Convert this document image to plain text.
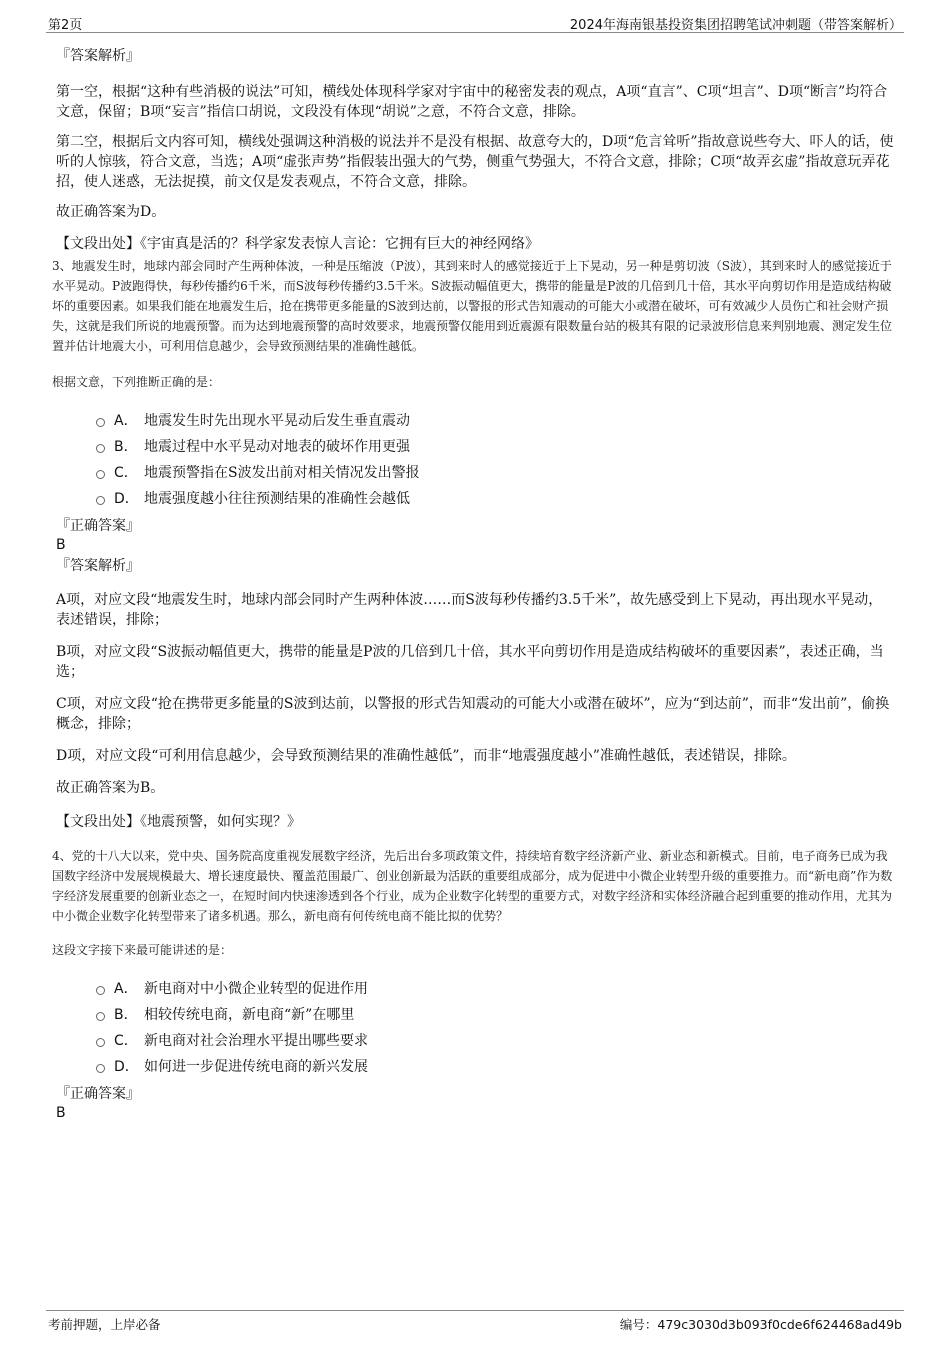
第2页	2024年海南银基投资集团招聘笔试冲刺题（带答案解析）

『答案解析』

第一空，根据“这种有些消极的说法”可知，横线处体现科学家对宇宙中的秘密发表的观点，A项“直言”、C项“坦言”、D项“断言”均符合文意，保留；B项“妄言”指信口胡说，文段没有体现“胡说”之意，不符合文意，排除。

第二空，根据后文内容可知，横线处强调这种消极的说法并不是没有根据、故意夸大的，D项“危言耸听”指故意说些夸大、吓人的话，使听的人惊骇，符合文意，当选；A项“虚张声势”指假装出强大的气势，侧重气势强大，不符合文意，排除；C项“故弄玄虚”指故意玩弄花招，使人迷惑，无法捉摸，前文仅是发表观点，不符合文意，排除。

故正确答案为D。

【文段出处】《宇宙真是活的？科学家发表惊人言论：它拥有巨大的神经网络》

3、地震发生时，地球内部会同时产生两种体波，一种是压缩波（P波），其到来时人的感觉接近于上下晃动，另一种是剪切波（S波），其到来时人的感觉接近于水平晃动。P波跑得快，每秒传播约6千米，而S波每秒传播约3.5千米。S波振动幅值更大，携带的能量是P波的几倍到几十倍，其水平向剪切作用是造成结构破坏的重要因素。如果我们能在地震发生后，抢在携带更多能量的S波到达前，以警报的形式告知震动的可能大小或潜在破坏，可有效减少人员伤亡和社会财产损失，这就是我们所说的地震预警。而为达到地震预警的高时效要求，地震预警仅能用到近震源有限数量台站的极其有限的记录波形信息来判别地震、测定发生位置并估计地震大小，可利用信息越少，会导致预测结果的准确性越低。

根据文意，下列推断正确的是：

A． 地震发生时先出现水平晃动后发生垂直震动
B． 地震过程中水平晃动对地表的破坏作用更强
C． 地震预警指在S波发出前对相关情况发出警报
D． 地震强度越小往往预测结果的准确性会越低

『正确答案』

B

『答案解析』

A项，对应文段“地震发生时，地球内部会同时产生两种体波……而S波每秒传播约3.5千米”，故先感受到上下晃动，再出现水平晃动，表述错误，排除；

B项，对应文段“S波振动幅值更大，携带的能量是P波的几倍到几十倍，其水平向剪切作用是造成结构破坏的重要因素”，表述正确，当选；

C项，对应文段“抢在携带更多能量的S波到达前，以警报的形式告知震动的可能大小或潜在破坏”，应为“到达前”，而非“发出前”，偷换概念，排除；

D项，对应文段“可利用信息越少，会导致预测结果的准确性越低”，而非“地震强度越小”准确性越低，表述错误，排除。

故正确答案为B。

【文段出处】《地震预警，如何实现？》

4、党的十八大以来，党中央、国务院高度重视发展数字经济，先后出台多项政策文件，持续培育数字经济新产业、新业态和新模式。目前，电子商务已成为我国数字经济中发展规模最大、增长速度最快、覆盖范围最广、创业创新最为活跃的重要组成部分，成为促进中小微企业转型升级的重要推力。而“新电商”作为数字经济发展重要的创新业态之一，在短时间内快速渗透到各个行业，成为企业数字化转型的重要方式，对数字经济和实体经济融合起到重要的推动作用，尤其为中小微企业数字化转型带来了诸多机遇。那么，新电商有何传统电商不能比拟的优势？

这段文字接下来最可能讲述的是：

A． 新电商对中小微企业转型的促进作用
B． 相较传统电商，新电商“新”在哪里
C． 新电商对社会治理水平提出哪些要求
D． 如何进一步促进传统电商的新兴发展

『正确答案』

B

考前押题，上岸必备	编号：479c3030d3b093f0cde6f624468ad49b
